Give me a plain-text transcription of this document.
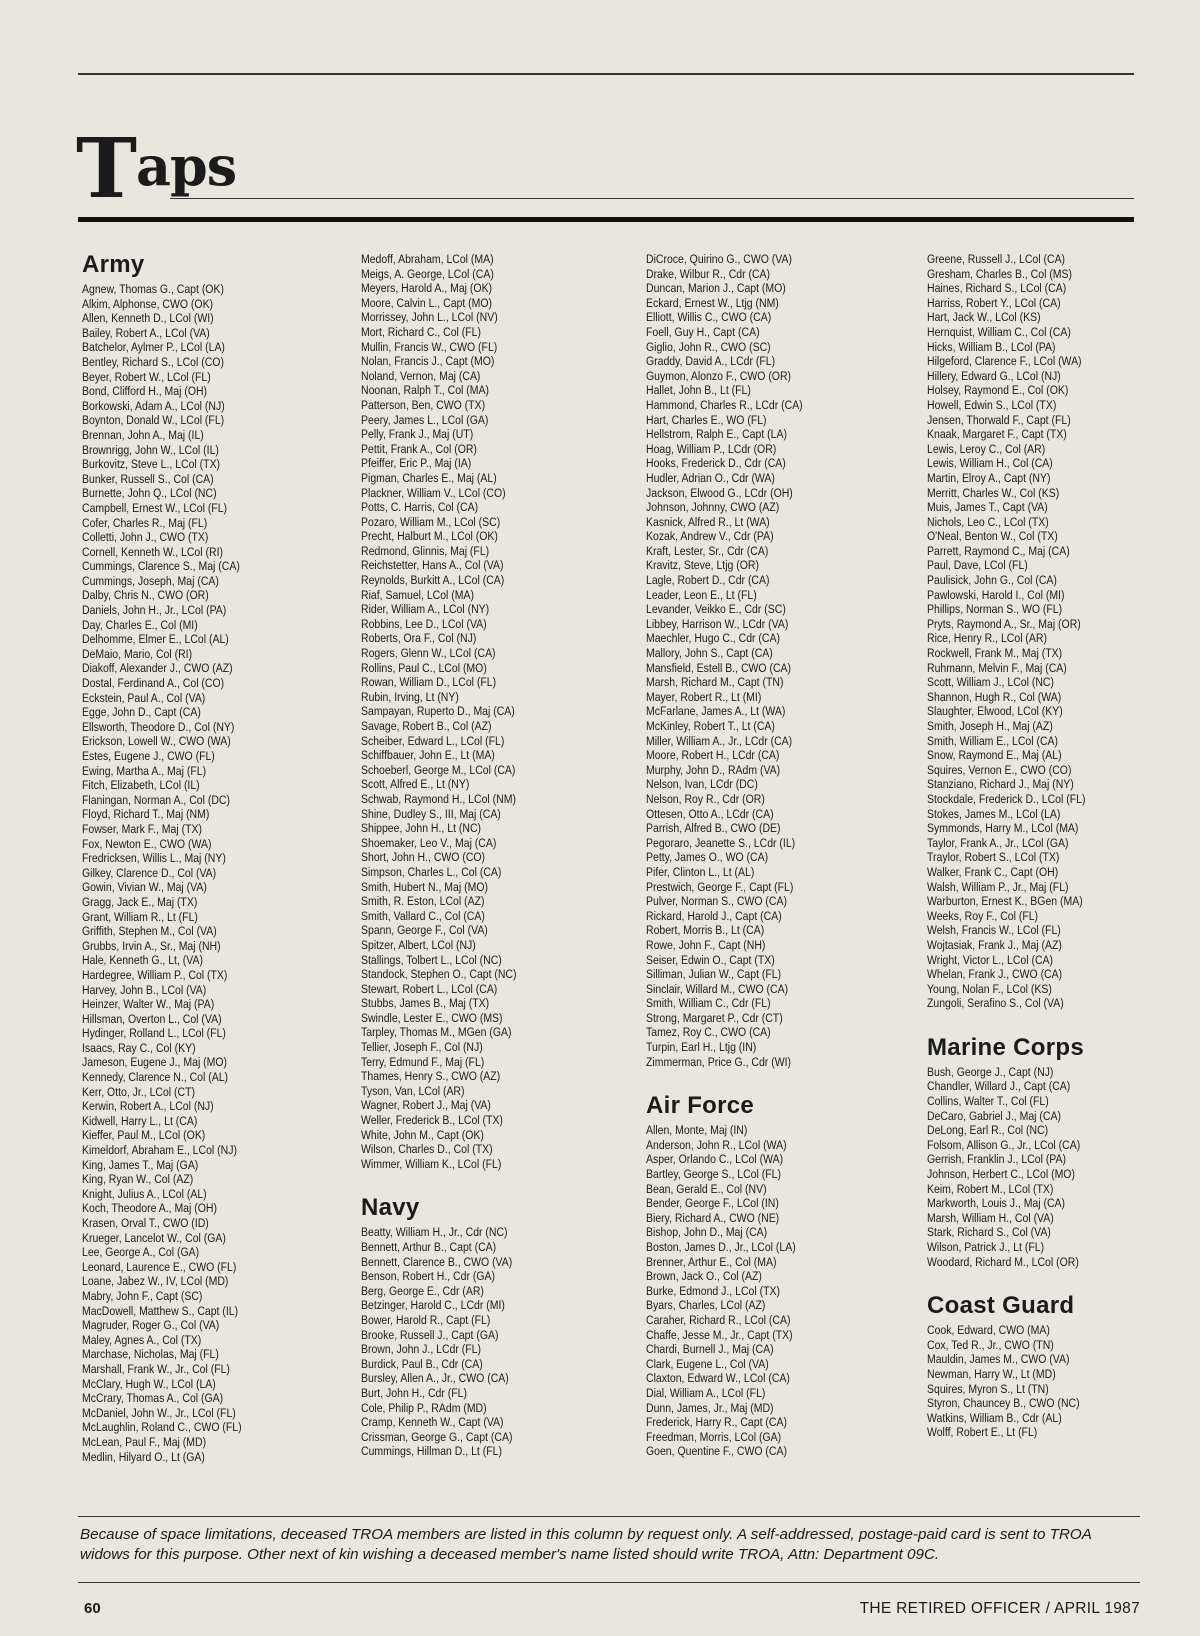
Taps
Army
Agnew, Thomas G., Capt (OK)
Alkim, Alphonse, CWO (OK)
Allen, Kenneth D., LCol (WI)
Bailey, Robert A., LCol (VA)
Batchelor, Aylmer P., LCol (LA)
Bentley, Richard S., LCol (CO)
Beyer, Robert W., LCol (FL)
Bond, Clifford H., Maj (OH)
Borkowski, Adam A., LCol (NJ)
Boynton, Donald W., LCol (FL)
Brennan, John A., Maj (IL)
Brownrigg, John W., LCol (IL)
Burkovitz, Steve L., LCol (TX)
Bunker, Russell S., Col (CA)
Burnette, John Q., LCol (NC)
Campbell, Ernest W., LCol (FL)
Cofer, Charles R., Maj (FL)
Colletti, John J., CWO (TX)
Cornell, Kenneth W., LCol (RI)
Cummings, Clarence S., Maj (CA)
Cummings, Joseph, Maj (CA)
Dalby, Chris N., CWO (OR)
Daniels, John H., Jr., LCol (PA)
Day, Charles E., Col (MI)
Delhomme, Elmer E., LCol (AL)
DeMaio, Mario, Col (RI)
Diakoff, Alexander J., CWO (AZ)
Dostal, Ferdinand A., Col (CO)
Eckstein, Paul A., Col (VA)
Egge, John D., Capt (CA)
Ellsworth, Theodore D., Col (NY)
Erickson, Lowell W., CWO (WA)
Estes, Eugene J., CWO (FL)
Ewing, Martha A., Maj (FL)
Fitch, Elizabeth, LCol (IL)
Flaningan, Norman A., Col (DC)
Floyd, Richard T., Maj (NM)
Fowser, Mark F., Maj (TX)
Fox, Newton E., CWO (WA)
Fredricksen, Willis L., Maj (NY)
Gilkey, Clarence D., Col (VA)
Gowin, Vivian W., Maj (VA)
Gragg, Jack E., Maj (TX)
Grant, William R., Lt (FL)
Griffith, Stephen M., Col (VA)
Grubbs, Irvin A., Sr., Maj (NH)
Hale, Kenneth G., Lt, (VA)
Hardegree, William P., Col (TX)
Harvey, John B., LCol (VA)
Heinzer, Walter W., Maj (PA)
Hillsman, Overton L., Col (VA)
Hydinger, Rolland L., LCol (FL)
Isaacs, Ray C., Col (KY)
Jameson, Eugene J., Maj (MO)
Kennedy, Clarence N., Col (AL)
Kerr, Otto, Jr., LCol (CT)
Kerwin, Robert A., LCol (NJ)
Kidwell, Harry L., Lt (CA)
Kieffer, Paul M., LCol (OK)
Kimeldorf, Abraham E., LCol (NJ)
King, James T., Maj (GA)
King, Ryan W., Col (AZ)
Knight, Julius A., LCol (AL)
Koch, Theodore A., Maj (OH)
Krasen, Orval T., CWO (ID)
Krueger, Lancelot W., Col (GA)
Lee, George A., Col (GA)
Leonard, Laurence E., CWO (FL)
Loane, Jabez W., IV, LCol (MD)
Mabry, John F., Capt (SC)
MacDowell, Matthew S., Capt (IL)
Magruder, Roger G., Col (VA)
Maley, Agnes A., Col (TX)
Marchase, Nicholas, Maj (FL)
Marshall, Frank W., Jr., Col (FL)
McClary, Hugh W., LCol (LA)
McCrary, Thomas A., Col (GA)
McDaniel, John W., Jr., LCol (FL)
McLaughlin, Roland C., CWO (FL)
McLean, Paul F., Maj (MD)
Medlin, Hilyard O., Lt (GA)
Medoff, Abraham, LCol (MA)
Meigs, A. George, LCol (CA)
Meyers, Harold A., Maj (OK)
Moore, Calvin L., Capt (MO)
Morrissey, John L., LCol (NV)
Mort, Richard C., Col (FL)
Mullin, Francis W., CWO (FL)
Nolan, Francis J., Capt (MO)
Noland, Vernon, Maj (CA)
Noonan, Ralph T., Col (MA)
Patterson, Ben, CWO (TX)
Peery, James L., LCol (GA)
Pelly, Frank J., Maj (UT)
Pettit, Frank A., Col (OR)
Pfeiffer, Eric P., Maj (IA)
Pigman, Charles E., Maj (AL)
Plackner, William V., LCol (CO)
Potts, C. Harris, Col (CA)
Pozaro, William M., LCol (SC)
Precht, Halburt M., LCol (OK)
Redmond, Glinnis, Maj (FL)
Reichstetter, Hans A., Col (VA)
Reynolds, Burkitt A., LCol (CA)
Riaf, Samuel, LCol (MA)
Rider, William A., LCol (NY)
Robbins, Lee D., LCol (VA)
Roberts, Ora F., Col (NJ)
Rogers, Glenn W., LCol (CA)
Rollins, Paul C., LCol (MO)
Rowan, William D., LCol (FL)
Rubin, Irving, Lt (NY)
Sampayan, Ruperto D., Maj (CA)
Savage, Robert B., Col (AZ)
Scheiber, Edward L., LCol (FL)
Schiffbauer, John E., Lt (MA)
Schoeberl, George M., LCol (CA)
Scott, Alfred E., Lt (NY)
Schwab, Raymond H., LCol (NM)
Shine, Dudley S., III, Maj (CA)
Shippee, John H., Lt (NC)
Shoemaker, Leo V., Maj (CA)
Short, John H., CWO (CO)
Simpson, Charles L., Col (CA)
Smith, Hubert N., Maj (MO)
Smith, R. Eston, LCol (AZ)
Smith, Vallard C., Col (CA)
Spann, George F., Col (VA)
Spitzer, Albert, LCol (NJ)
Stallings, Tolbert L., LCol (NC)
Standock, Stephen O., Capt (NC)
Stewart, Robert L., LCol (CA)
Stubbs, James B., Maj (TX)
Swindle, Lester E., CWO (MS)
Tarpley, Thomas M., MGen (GA)
Tellier, Joseph F., Col (NJ)
Terry, Edmund F., Maj (FL)
Thames, Henry S., CWO (AZ)
Tyson, Van, LCol (AR)
Wagner, Robert J., Maj (VA)
Weller, Frederick B., LCol (TX)
White, John M., Capt (OK)
Wilson, Charles D., Col (TX)
Wimmer, William K., LCol (FL)
Navy
Beatty, William H., Jr., Cdr (NC)
Bennett, Arthur B., Capt (CA)
Bennett, Clarence B., CWO (VA)
Benson, Robert H., Cdr (GA)
Berg, George E., Cdr (AR)
Betzinger, Harold C., LCdr (MI)
Bower, Harold R., Capt (FL)
Brooke, Russell J., Capt (GA)
Brown, John J., LCdr (FL)
Burdick, Paul B., Cdr (CA)
Bursley, Allen A., Jr., CWO (CA)
Burt, John H., Cdr (FL)
Cole, Philip P., RAdm (MD)
Cramp, Kenneth W., Capt (VA)
Crissman, George G., Capt (CA)
Cummings, Hillman D., Lt (FL)
DiCroce, Quirino G., CWO (VA)
Drake, Wilbur R., Cdr (CA)
Duncan, Marion J., Capt (MO)
Eckard, Ernest W., Ltjg (NM)
Elliott, Willis C., CWO (CA)
Foell, Guy H., Capt (CA)
Giglio, John R., CWO (SC)
Graddy, David A., LCdr (FL)
Guymon, Alonzo F., CWO (OR)
Hallet, John B., Lt (FL)
Hammond, Charles R., LCdr (CA)
Hart, Charles E., WO (FL)
Hellstrom, Ralph E., Capt (LA)
Hoag, William P., LCdr (OR)
Hooks, Frederick D., Cdr (CA)
Hudler, Adrian O., Cdr (WA)
Jackson, Elwood G., LCdr (OH)
Johnson, Johnny, CWO (AZ)
Kasnick, Alfred R., Lt (WA)
Kozak, Andrew V., Cdr (PA)
Kraft, Lester, Sr., Cdr (CA)
Kravitz, Steve, Ltjg (OR)
Lagle, Robert D., Cdr (CA)
Leader, Leon E., Lt (FL)
Levander, Veikko E., Cdr (SC)
Libbey, Harrison W., LCdr (VA)
Maechler, Hugo C., Cdr (CA)
Mallory, John S., Capt (CA)
Mansfield, Estell B., CWO (CA)
Marsh, Richard M., Capt (TN)
Mayer, Robert R., Lt (MI)
McFarlane, James A., Lt (WA)
McKinley, Robert T., Lt (CA)
Miller, William A., Jr., LCdr (CA)
Moore, Robert H., LCdr (CA)
Murphy, John D., RAdm (VA)
Nelson, Ivan, LCdr (DC)
Nelson, Roy R., Cdr (OR)
Ottesen, Otto A., LCdr (CA)
Parrish, Alfred B., CWO (DE)
Pegoraro, Jeanette S., LCdr (IL)
Petty, James O., WO (CA)
Pifer, Clinton L., Lt (AL)
Prestwich, George F., Capt (FL)
Pulver, Norman S., CWO (CA)
Rickard, Harold J., Capt (CA)
Robert, Morris B., Lt (CA)
Rowe, John F., Capt (NH)
Seiser, Edwin O., Capt (TX)
Silliman, Julian W., Capt (FL)
Sinclair, Willard M., CWO (CA)
Smith, William C., Cdr (FL)
Strong, Margaret P., Cdr (CT)
Tamez, Roy C., CWO (CA)
Turpin, Earl H., Ltjg (IN)
Zimmerman, Price G., Cdr (WI)
Air Force
Allen, Monte, Maj (IN)
Anderson, John R., LCol (WA)
Asper, Orlando C., LCol (WA)
Bartley, George S., LCol (FL)
Bean, Gerald E., Col (NV)
Bender, George F., LCol (IN)
Biery, Richard A., CWO (NE)
Bishop, John D., Maj (CA)
Boston, James D., Jr., LCol (LA)
Brenner, Arthur E., Col (MA)
Brown, Jack O., Col (AZ)
Burke, Edmond J., LCol (TX)
Byars, Charles, LCol (AZ)
Caraher, Richard R., LCol (CA)
Chaffe, Jesse M., Jr., Capt (TX)
Chardi, Burnell J., Maj (CA)
Clark, Eugene L., Col (VA)
Claxton, Edward W., LCol (CA)
Dial, William A., LCol (FL)
Dunn, James, Jr., Maj (MD)
Frederick, Harry R., Capt (CA)
Freedman, Morris, LCol (GA)
Goen, Quentine F., CWO (CA)
Greene, Russell J., LCol (CA)
Gresham, Charles B., Col (MS)
Haines, Richard S., LCol (CA)
Harriss, Robert Y., LCol (CA)
Hart, Jack W., LCol (KS)
Hernquist, William C., Col (CA)
Hicks, William B., LCol (PA)
Hilgeford, Clarence F., LCol (WA)
Hillery, Edward G., LCol (NJ)
Holsey, Raymond E., Col (OK)
Howell, Edwin S., LCol (TX)
Jensen, Thorwald F., Capt (FL)
Knaak, Margaret F., Capt (TX)
Lewis, Leroy C., Col (AR)
Lewis, William H., Col (CA)
Martin, Elroy A., Capt (NY)
Merritt, Charles W., Col (KS)
Muis, James T., Capt (VA)
Nichols, Leo C., LCol (TX)
O'Neal, Benton W., Col (TX)
Parrett, Raymond C., Maj (CA)
Paul, Dave, LCol (FL)
Paulisick, John G., Col (CA)
Pawlowski, Harold I., Col (MI)
Phillips, Norman S., WO (FL)
Pryts, Raymond A., Sr., Maj (OR)
Rice, Henry R., LCol (AR)
Rockwell, Frank M., Maj (TX)
Ruhmann, Melvin F., Maj (CA)
Scott, William J., LCol (NC)
Shannon, Hugh R., Col (WA)
Slaughter, Elwood, LCol (KY)
Smith, Joseph H., Maj (AZ)
Smith, William E., LCol (CA)
Snow, Raymond E., Maj (AL)
Squires, Vernon E., CWO (CO)
Stanziano, Richard J., Maj (NY)
Stockdale, Frederick D., LCol (FL)
Stokes, James M., LCol (LA)
Symmonds, Harry M., LCol (MA)
Taylor, Frank A., Jr., LCol (GA)
Traylor, Robert S., LCol (TX)
Walker, Frank C., Capt (OH)
Walsh, William P., Jr., Maj (FL)
Warburton, Ernest K., BGen (MA)
Weeks, Roy F., Col (FL)
Welsh, Francis W., LCol (FL)
Wojtasiak, Frank J., Maj (AZ)
Wright, Victor L., LCol (CA)
Whelan, Frank J., CWO (CA)
Young, Nolan F., LCol (KS)
Zungoli, Serafino S., Col (VA)
Marine Corps
Bush, George J., Capt (NJ)
Chandler, Willard J., Capt (CA)
Collins, Walter T., Col (FL)
DeCaro, Gabriel J., Maj (CA)
DeLong, Earl R., Col (NC)
Folsom, Allison G., Jr., LCol (CA)
Gerrish, Franklin J., LCol (PA)
Johnson, Herbert C., LCol (MO)
Keim, Robert M., LCol (TX)
Markworth, Louis J., Maj (CA)
Marsh, William H., Col (VA)
Stark, Richard S., Col (VA)
Wilson, Patrick J., Lt (FL)
Woodard, Richard M., LCol (OR)
Coast Guard
Cook, Edward, CWO (MA)
Cox, Ted R., Jr., CWO (TN)
Mauldin, James M., CWO (VA)
Newman, Harry W., Lt (MD)
Squires, Myron S., Lt (TN)
Styron, Chauncey B., CWO (NC)
Watkins, William B., Cdr (AL)
Wolff, Robert E., Lt (FL)

Because of space limitations, deceased TROA members are listed in this column by request only. A self-addressed, postage-paid card is sent to TROA widows for this purpose. Other next of kin wishing a deceased member's name listed should write TROA, Attn: Department 09C.

60	THE RETIRED OFFICER / APRIL 1987
